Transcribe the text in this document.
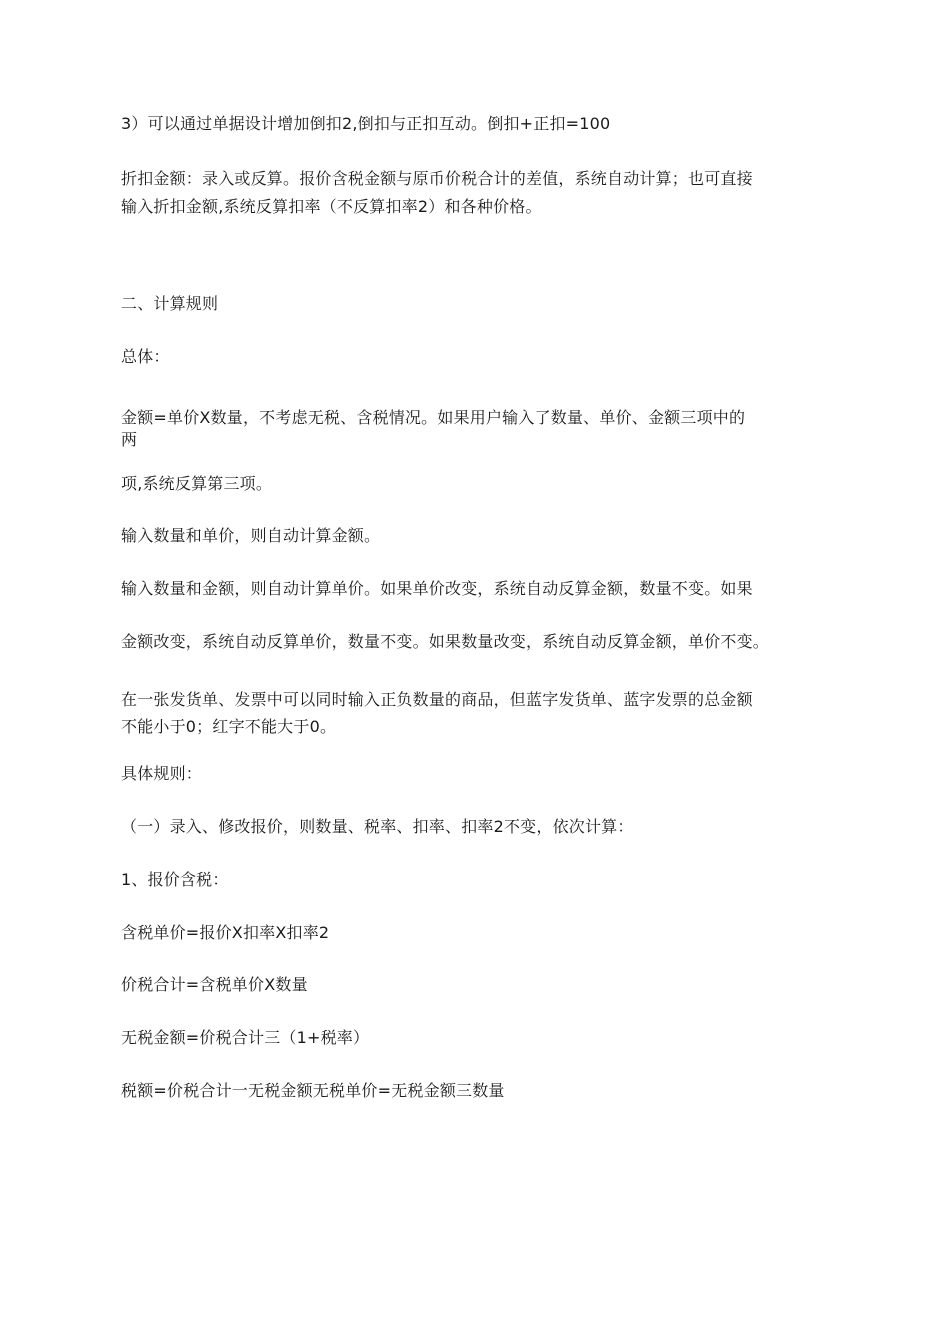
3）可以通过单据设计增加倒扣2,倒扣与正扣互动。倒扣+正扣=100
折扣金额：录入或反算。报价含税金额与原币价税合计的差值，系统自动计算；也可直接
输入折扣金额,系统反算扣率（不反算扣率2）和各种价格。
二、计算规则
总体：
金额=单价X数量，不考虑无税、含税情况。如果用户输入了数量、单价、金额三项中的
两
项,系统反算第三项。
输入数量和单价，则自动计算金额。
输入数量和金额，则自动计算单价。如果单价改变，系统自动反算金额，数量不变。如果
金额改变，系统自动反算单价，数量不变。如果数量改变，系统自动反算金额，单价不变。
在一张发货单、发票中可以同时输入正负数量的商品，但蓝字发货单、蓝字发票的总金额
不能小于0；红字不能大于0。
具体规则：
（一）录入、修改报价，则数量、税率、扣率、扣率2不变，依次计算：
1、报价含税：
含税单价=报价X扣率X扣率2
价税合计=含税单价X数量
无税金额=价税合计三（1+税率）
税额=价税合计一无税金额无税单价=无税金额三数量
